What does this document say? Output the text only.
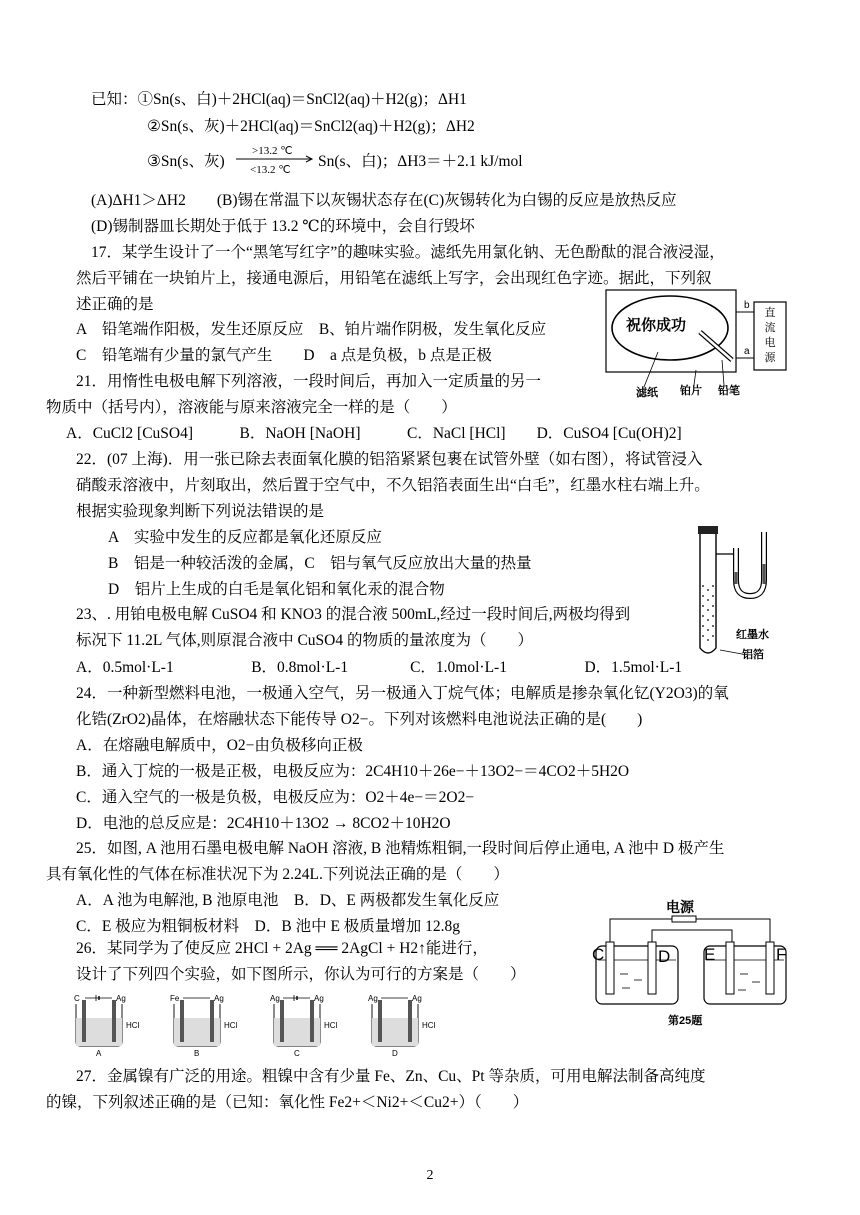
已知：①Sn(s、白)＋2HCl(aq)＝SnCl2(aq)＋H2(g)；ΔH1
②Sn(s、灰)＋2HCl(aq)＝SnCl2(aq)＋H2(g)；ΔH2
③Sn(s、灰)
>13.2 ℃
<13.2 ℃ Sn(s、白)；ΔH3＝＋2.1 kJ/mol
(A)ΔH1＞ΔH2　　(B)锡在常温下以灰锡状态存在(C)灰锡转化为白锡的反应是放热反应
(D)锡制器皿长期处于低于 13.2 ℃的环境中，会自行毁坏
17．某学生设计了一个“黑笔写红字”的趣味实验。滤纸先用氯化钠、无色酚酞的混合液浸湿，
然后平铺在一块铂片上，接通电源后，用铅笔在滤纸上写字，会出现红色字迹。据此，下列叙
述正确的是
A　铅笔端作阳极，发生还原反应　B、铂片端作阴极，发生氧化反应
C　铅笔端有少量的氯气产生　　D　a 点是负极，b 点是正极
祝你成功
b
a
直流电源
滤纸 铂片 铅笔
21．用惰性电极电解下列溶液，一段时间后，再加入一定质量的另一
物质中（括号内），溶液能与原来溶液完全一样的是（　　）
A．CuCl2 [CuSO4]　　　B．NaOH [NaOH]　　　C．NaCl [HCl]　　D．CuSO4 [Cu(OH)2]
22．(07 上海)．用一张已除去表面氧化膜的铝箔紧紧包裹在试管外壁（如右图），将试管浸入
硝酸汞溶液中，片刻取出，然后置于空气中，不久铝箔表面生出“白毛”，红墨水柱右端上升。
根据实验现象判断下列说法错误的是
A　实验中发生的反应都是氧化还原反应
B　铝是一种较活泼的金属，C　铝与氧气反应放出大量的热量
D　铝片上生成的白毛是氧化铝和氧化汞的混合物
红墨水
铝箔
23、. 用铂电极电解 CuSO4 和 KNO3 的混合液 500mL,经过一段时间后,两极均得到
标况下 11.2L 气体,则原混合液中 CuSO4 的物质的量浓度为（　　）
A．0.5mol·L-1　　　　　B．0.8mol·L-1　　　　C．1.0mol·L-1　　　　　D．1.5mol·L-1
24．一种新型燃料电池，一极通入空气，另一极通入丁烷气体；电解质是掺杂氧化钇(Y2O3)的氧
化锆(ZrO2)晶体，在熔融状态下能传导 O2−。下列对该燃料电池说法正确的是(　　)
A．在熔融电解质中，O2−由负极移向正极
B．通入丁烷的一极是正极，电极反应为：2C4H10＋26e−＋13O2−＝4CO2＋5H2O
C．通入空气的一极是负极，电极反应为：O2＋4e−＝2O2−
D．电池的总反应是：2C4H10＋13O2 → 8CO2＋10H2O
25．如图, A 池用石墨电极电解 NaOH 溶液, B 池精炼粗铜,一段时间后停止通电, A 池中 D 极产生
具有氧化性的气体在标准状况下为 2.24L.下列说法正确的是（　　）
A．A 池为电解池, B 池原电池　B．D、E 两极都发生氧化反应
C．E 极应为粗铜板材料　D．B 池中 E 极质量增加 12.8g
电源
C	D E	F
第25题
26．某同学为了使反应 2HCl + 2Ag ══ 2AgCl + H2↑能进行，
设计了下列四个实验，如下图所示，你认为可行的方案是（　　）
C	Ag
HCl
A
Fe	Ag
HCl
B
Ag	Ag
HCl
C
Ag	Ag
HCl
D
27．金属镍有广泛的用途。粗镍中含有少量 Fe、Zn、Cu、Pt 等杂质，可用电解法制备高纯度
的镍，下列叙述正确的是（已知：氧化性 Fe2+＜Ni2+＜Cu2+）（　　）
2
